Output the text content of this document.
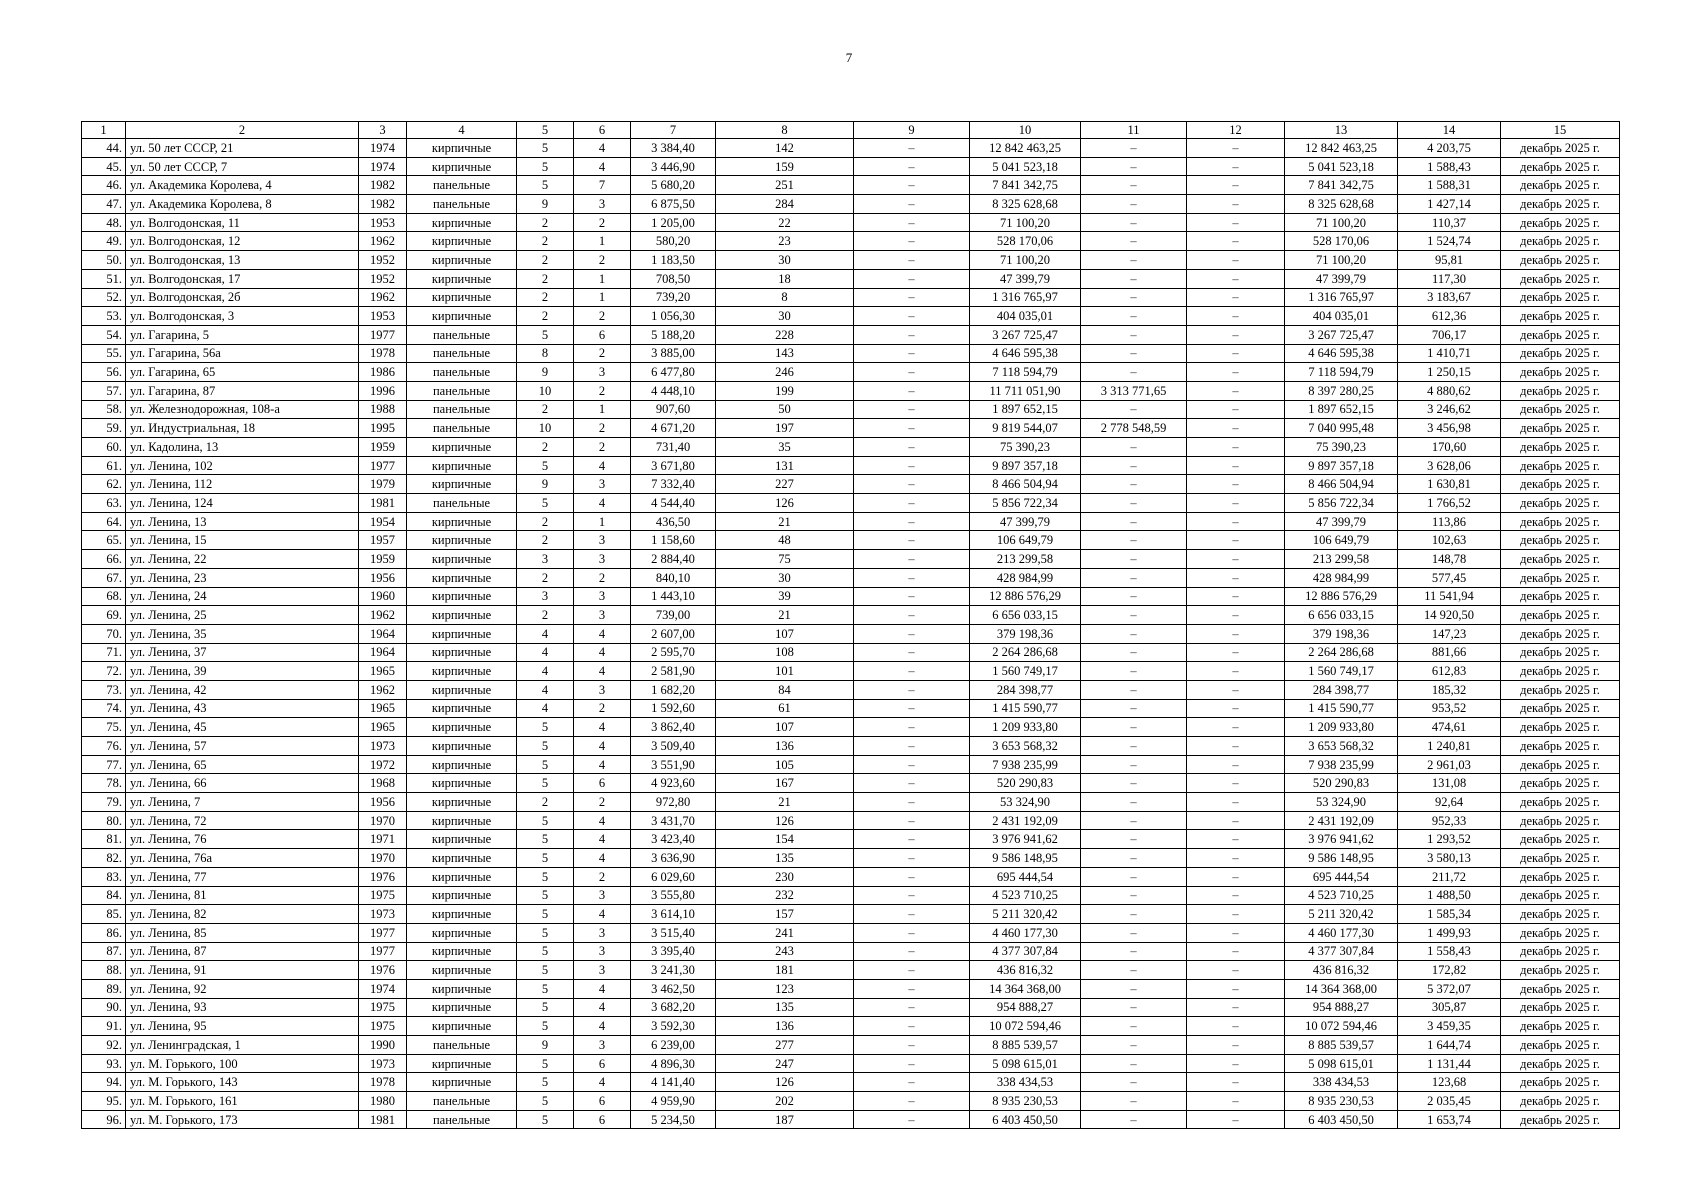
7
1	2	3	4	5	6	7	8	9	10	11	12	13	14	15
44.	ул. 50 лет СССР, 21	1974	кирпичные	5	4	3 384,40	142	–	12 842 463,25	–	–	12 842 463,25	4 203,75	декабрь 2025 г.
45.	ул. 50 лет СССР, 7	1974	кирпичные	5	4	3 446,90	159	–	5 041 523,18	–	–	5 041 523,18	1 588,43	декабрь 2025 г.
46.	ул. Академика Королева, 4	1982	панельные	5	7	5 680,20	251	–	7 841 342,75	–	–	7 841 342,75	1 588,31	декабрь 2025 г.
47.	ул. Академика Королева, 8	1982	панельные	9	3	6 875,50	284	–	8 325 628,68	–	–	8 325 628,68	1 427,14	декабрь 2025 г.
48.	ул. Волгодонская, 11	1953	кирпичные	2	2	1 205,00	22	–	71 100,20	–	–	71 100,20	110,37	декабрь 2025 г.
49.	ул. Волгодонская, 12	1962	кирпичные	2	1	580,20	23	–	528 170,06	–	–	528 170,06	1 524,74	декабрь 2025 г.
50.	ул. Волгодонская, 13	1952	кирпичные	2	2	1 183,50	30	–	71 100,20	–	–	71 100,20	95,81	декабрь 2025 г.
51.	ул. Волгодонская, 17	1952	кирпичные	2	1	708,50	18	–	47 399,79	–	–	47 399,79	117,30	декабрь 2025 г.
52.	ул. Волгодонская, 2б	1962	кирпичные	2	1	739,20	8	–	1 316 765,97	–	–	1 316 765,97	3 183,67	декабрь 2025 г.
53.	ул. Волгодонская, 3	1953	кирпичные	2	2	1 056,30	30	–	404 035,01	–	–	404 035,01	612,36	декабрь 2025 г.
54.	ул. Гагарина, 5	1977	панельные	5	6	5 188,20	228	–	3 267 725,47	–	–	3 267 725,47	706,17	декабрь 2025 г.
55.	ул. Гагарина, 56а	1978	панельные	8	2	3 885,00	143	–	4 646 595,38	–	–	4 646 595,38	1 410,71	декабрь 2025 г.
56.	ул. Гагарина, 65	1986	панельные	9	3	6 477,80	246	–	7 118 594,79	–	–	7 118 594,79	1 250,15	декабрь 2025 г.
57.	ул. Гагарина, 87	1996	панельные	10	2	4 448,10	199	–	11 711 051,90	3 313 771,65	–	8 397 280,25	4 880,62	декабрь 2025 г.
58.	ул. Железнодорожная, 108-а	1988	панельные	2	1	907,60	50	–	1 897 652,15	–	–	1 897 652,15	3 246,62	декабрь 2025 г.
59.	ул. Индустриальная, 18	1995	панельные	10	2	4 671,20	197	–	9 819 544,07	2 778 548,59	–	7 040 995,48	3 456,98	декабрь 2025 г.
60.	ул. Кадолина, 13	1959	кирпичные	2	2	731,40	35	–	75 390,23	–	–	75 390,23	170,60	декабрь 2025 г.
61.	ул. Ленина, 102	1977	кирпичные	5	4	3 671,80	131	–	9 897 357,18	–	–	9 897 357,18	3 628,06	декабрь 2025 г.
62.	ул. Ленина, 112	1979	кирпичные	9	3	7 332,40	227	–	8 466 504,94	–	–	8 466 504,94	1 630,81	декабрь 2025 г.
63.	ул. Ленина, 124	1981	панельные	5	4	4 544,40	126	–	5 856 722,34	–	–	5 856 722,34	1 766,52	декабрь 2025 г.
64.	ул. Ленина, 13	1954	кирпичные	2	1	436,50	21	–	47 399,79	–	–	47 399,79	113,86	декабрь 2025 г.
65.	ул. Ленина, 15	1957	кирпичные	2	3	1 158,60	48	–	106 649,79	–	–	106 649,79	102,63	декабрь 2025 г.
66.	ул. Ленина, 22	1959	кирпичные	3	3	2 884,40	75	–	213 299,58	–	–	213 299,58	148,78	декабрь 2025 г.
67.	ул. Ленина, 23	1956	кирпичные	2	2	840,10	30	–	428 984,99	–	–	428 984,99	577,45	декабрь 2025 г.
68.	ул. Ленина, 24	1960	кирпичные	3	3	1 443,10	39	–	12 886 576,29	–	–	12 886 576,29	11 541,94	декабрь 2025 г.
69.	ул. Ленина, 25	1962	кирпичные	2	3	739,00	21	–	6 656 033,15	–	–	6 656 033,15	14 920,50	декабрь 2025 г.
70.	ул. Ленина, 35	1964	кирпичные	4	4	2 607,00	107	–	379 198,36	–	–	379 198,36	147,23	декабрь 2025 г.
71.	ул. Ленина, 37	1964	кирпичные	4	4	2 595,70	108	–	2 264 286,68	–	–	2 264 286,68	881,66	декабрь 2025 г.
72.	ул. Ленина, 39	1965	кирпичные	4	4	2 581,90	101	–	1 560 749,17	–	–	1 560 749,17	612,83	декабрь 2025 г.
73.	ул. Ленина, 42	1962	кирпичные	4	3	1 682,20	84	–	284 398,77	–	–	284 398,77	185,32	декабрь 2025 г.
74.	ул. Ленина, 43	1965	кирпичные	4	2	1 592,60	61	–	1 415 590,77	–	–	1 415 590,77	953,52	декабрь 2025 г.
75.	ул. Ленина, 45	1965	кирпичные	5	4	3 862,40	107	–	1 209 933,80	–	–	1 209 933,80	474,61	декабрь 2025 г.
76.	ул. Ленина, 57	1973	кирпичные	5	4	3 509,40	136	–	3 653 568,32	–	–	3 653 568,32	1 240,81	декабрь 2025 г.
77.	ул. Ленина, 65	1972	кирпичные	5	4	3 551,90	105	–	7 938 235,99	–	–	7 938 235,99	2 961,03	декабрь 2025 г.
78.	ул. Ленина, 66	1968	кирпичные	5	6	4 923,60	167	–	520 290,83	–	–	520 290,83	131,08	декабрь 2025 г.
79.	ул. Ленина, 7	1956	кирпичные	2	2	972,80	21	–	53 324,90	–	–	53 324,90	92,64	декабрь 2025 г.
80.	ул. Ленина, 72	1970	кирпичные	5	4	3 431,70	126	–	2 431 192,09	–	–	2 431 192,09	952,33	декабрь 2025 г.
81.	ул. Ленина, 76	1971	кирпичные	5	4	3 423,40	154	–	3 976 941,62	–	–	3 976 941,62	1 293,52	декабрь 2025 г.
82.	ул. Ленина, 76а	1970	кирпичные	5	4	3 636,90	135	–	9 586 148,95	–	–	9 586 148,95	3 580,13	декабрь 2025 г.
83.	ул. Ленина, 77	1976	кирпичные	5	2	6 029,60	230	–	695 444,54	–	–	695 444,54	211,72	декабрь 2025 г.
84.	ул. Ленина, 81	1975	кирпичные	5	3	3 555,80	232	–	4 523 710,25	–	–	4 523 710,25	1 488,50	декабрь 2025 г.
85.	ул. Ленина, 82	1973	кирпичные	5	4	3 614,10	157	–	5 211 320,42	–	–	5 211 320,42	1 585,34	декабрь 2025 г.
86.	ул. Ленина, 85	1977	кирпичные	5	3	3 515,40	241	–	4 460 177,30	–	–	4 460 177,30	1 499,93	декабрь 2025 г.
87.	ул. Ленина, 87	1977	кирпичные	5	3	3 395,40	243	–	4 377 307,84	–	–	4 377 307,84	1 558,43	декабрь 2025 г.
88.	ул. Ленина, 91	1976	кирпичные	5	3	3 241,30	181	–	436 816,32	–	–	436 816,32	172,82	декабрь 2025 г.
89.	ул. Ленина, 92	1974	кирпичные	5	4	3 462,50	123	–	14 364 368,00	–	–	14 364 368,00	5 372,07	декабрь 2025 г.
90.	ул. Ленина, 93	1975	кирпичные	5	4	3 682,20	135	–	954 888,27	–	–	954 888,27	305,87	декабрь 2025 г.
91.	ул. Ленина, 95	1975	кирпичные	5	4	3 592,30	136	–	10 072 594,46	–	–	10 072 594,46	3 459,35	декабрь 2025 г.
92.	ул. Ленинградская, 1	1990	панельные	9	3	6 239,00	277	–	8 885 539,57	–	–	8 885 539,57	1 644,74	декабрь 2025 г.
93.	ул. М. Горького, 100	1973	кирпичные	5	6	4 896,30	247	–	5 098 615,01	–	–	5 098 615,01	1 131,44	декабрь 2025 г.
94.	ул. М. Горького, 143	1978	кирпичные	5	4	4 141,40	126	–	338 434,53	–	–	338 434,53	123,68	декабрь 2025 г.
95.	ул. М. Горького, 161	1980	панельные	5	6	4 959,90	202	–	8 935 230,53	–	–	8 935 230,53	2 035,45	декабрь 2025 г.
96.	ул. М. Горького, 173	1981	панельные	5	6	5 234,50	187	–	6 403 450,50	–	–	6 403 450,50	1 653,74	декабрь 2025 г.
